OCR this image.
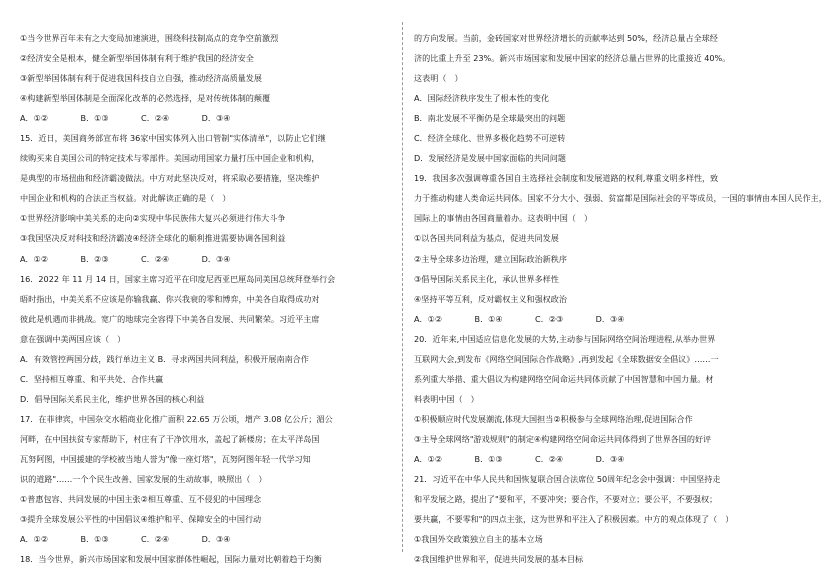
①当今世界百年未有之大变局加速演进，围绕科技制高点的竞争空前激烈
②经济安全是根本，健全新型举国体制有利于维护我国的经济安全
③新型举国体制有利于促进我国科技自立自强，推动经济高质量发展
④构建新型举国体制是全面深化改革的必然选择，是对传统体制的颠覆
A．①②　　　　B．①③　　　　C．②④　　　　D．③④
15．近日，美国商务部宣布将 36家中国实体列入出口管制"实体清单"，以防止它们继
续购买来自美国公司的特定技术与零部件。美国动用国家力量打压中国企业和机构，
是典型的市场扭曲和经济霸凌做法。中方对此坚决反对，将采取必要措施，坚决维护
中国企业和机构的合法正当权益。对此解读正确的是（　）
①世界经济影响中美关系的走向②实现中华民族伟大复兴必须进行伟大斗争
③我国坚决反对科技和经济霸凌④经济全球化的顺利推进需要协调各国利益
A．①②　　　　B．②③　　　　C．②④　　　　D．③④
16．2022 年 11 月 14 日，国家主席习近平在印度尼西亚巴厘岛同美国总统拜登举行会
晤时指出，中美关系不应该是你输我赢、你兴我衰的零和博弈，中美各自取得成功对
彼此是机遇而非挑战。宽广的地球完全容得下中美各自发展、共同繁荣。习近平主席
意在强调中美两国应该（　）
A．有效管控两国分歧，践行单边主义 B．寻求两国共同利益，积极开展南南合作
C．坚持相互尊重、和平共处、合作共赢
D．倡导国际关系民主化，维护世界各国的核心利益
17．在菲律宾，中国杂交水稻商业化推广面积 22.65 万公顷，增产 3.08 亿公斤；湄公
河畔，在中国扶贫专家帮助下，村庄有了干净饮用水，盖起了新楼房；在太平洋岛国
瓦努阿图，中国援建的学校被当地人誉为"像一座灯塔"，瓦努阿图年轻一代学习知
识的道路"……一个个民生改善、国家发展的生动故事，映照出（　）
①普惠包容、共同发展的中国主张②相互尊重、互不侵犯的中国理念
③提升全球发展公平性的中国倡议④维护和平、保障安全的中国行动
A．①②　　　　B．①③　　　　C．②④　　　　D．③④
18．当今世界，新兴市场国家和发展中国家群体性崛起，国际力量对比朝着趋于均衡
的方向发展。当前，金砖国家对世界经济增长的贡献率达到 50%，经济总量占全球经
济的比重上升至 23%。新兴市场国家和发展中国家的经济总量占世界的比重接近 40%。
这表明（　）
A．国际经济秩序发生了根本性的变化
B．南北发展不平衡仍是全球最突出的问题
C．经济全球化、世界多极化趋势不可逆转
D．发展经济是发展中国家面临的共同问题
19．我国多次强调尊重各国自主选择社会制度和发展道路的权利,尊重文明多样性，致
力于推动构建人类命运共同体。国家不分大小、强弱、贫富都是国际社会的平等成员，一国的事情由本国人民作主，
国际上的事情由各国商量着办。这表明中国（　）
①以各国共同利益为基点，促进共同发展
②主导全球多边治理，建立国际政治新秩序
③倡导国际关系民主化，承认世界多样性
④坚持平等互利，反对霸权主义和强权政治
A．①②　　　　B．①④　　　　C．②③　　　　D．③④
20．近年来,中国适应信息化发展的大势,主动参与国际网络空间治理进程,从举办世界
互联网大会,到发布《网络空间国际合作战略》,再到发起《全球数据安全倡议》……一
系列重大举措、重大倡议为构建网络空间命运共同体贡献了中国智慧和中国力量。材
料表明中国（　）
①积极顺应时代发展潮流,体现大国担当②积极参与全球网络治理,促进国际合作
③主导全球网络"游戏规则"的制定④构建网络空间命运共同体得到了世界各国的好评
A．①②　　　　B．①③　　　　C．②④　　　　D．③④
21．习近平在中华人民共和国恢复联合国合法席位 50周年纪念会中强调：中国坚持走
和平发展之路，提出了"要和平，不要冲突；要合作，不要对立；要公平，不要强权；
要共赢，不要零和"的四点主张，这为世界和平注入了积极因素。中方的观点体现了（　）
①我国外交政策独立自主的基本立场
②我国维护世界和平，促进共同发展的基本目标
